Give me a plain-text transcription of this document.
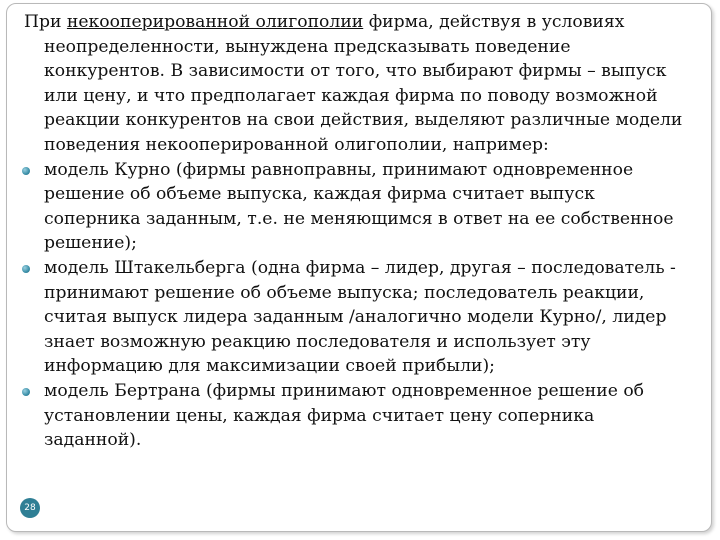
При некооперированной олигополии фирма, действуя в условиях неопределенности, вынуждена предсказывать поведение конкурентов. В зависимости от того, что выбирают фирмы – выпуск или цену, и что предполагает каждая фирма по поводу возможной реакции конкурентов на свои действия, выделяют различные модели поведения некооперированной олигополии, например:

модель Курно (фирмы равноправны, принимают одновременное решение об объеме выпуска, каждая фирма считает выпуск соперника заданным, т.е. не меняющимся в ответ на ее собственное решение);
модель Штакельберга (одна фирма – лидер, другая – последователь - принимают решение об объеме выпуска; последователь реакции, считая выпуск лидера заданным /аналогично модели Курно/, лидер знает возможную реакцию последователя и использует эту информацию для максимизации своей прибыли);
модель Бертрана (фирмы принимают одновременное решение об установлении цены, каждая фирма считает цену соперника заданной).
28
